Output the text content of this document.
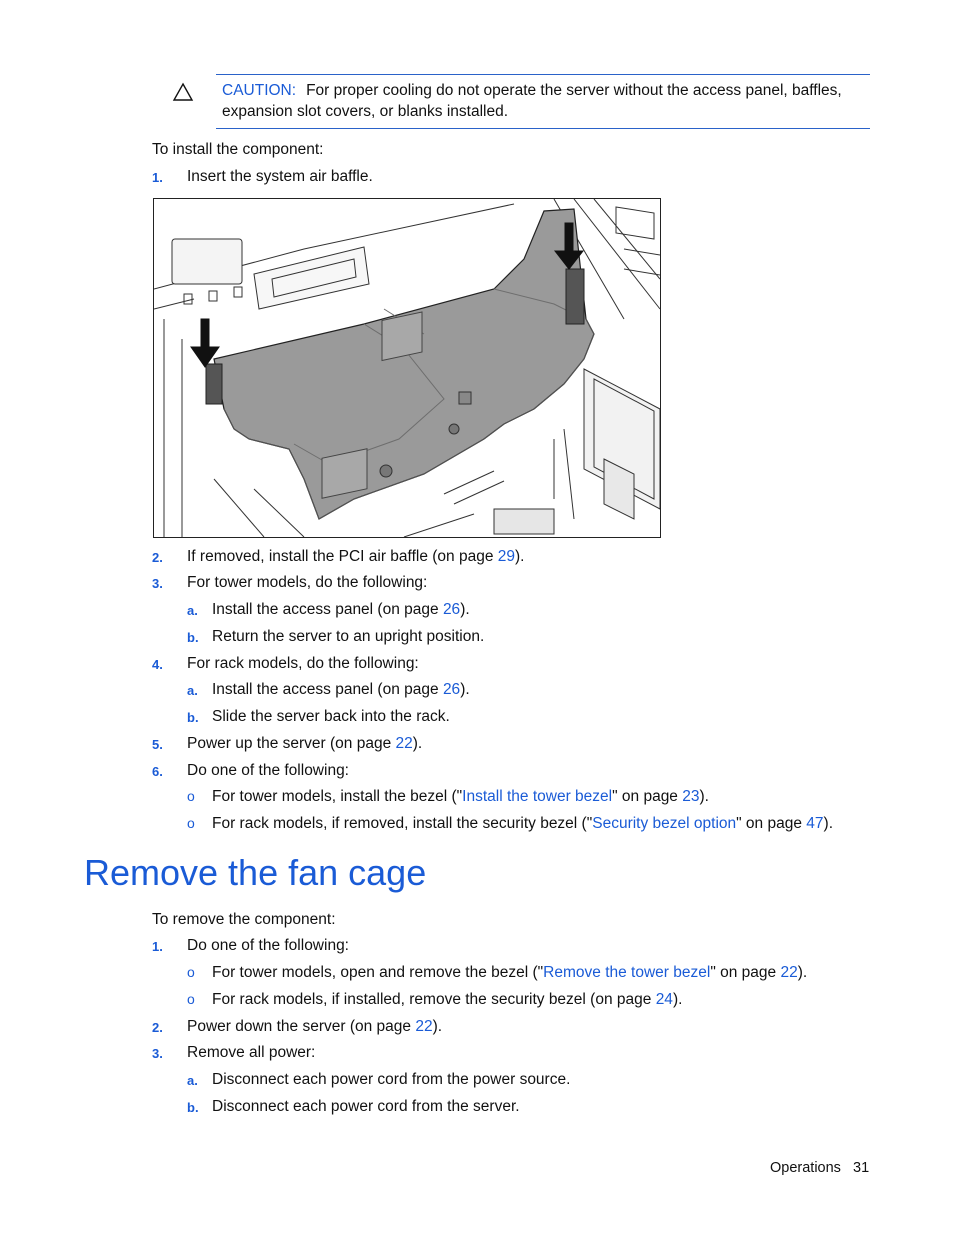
CAUTION: For proper cooling do not operate the server without the access panel, baffles, expansion slot covers, or blanks installed.
To install the component:
1. Insert the system air baffle.
2. If removed, install the PCI air baffle (on page 29).
3. For tower models, do the following:
a. Install the access panel (on page 26).
b. Return the server to an upright position.
4. For rack models, do the following:
a. Install the access panel (on page 26).
b. Slide the server back into the rack.
5. Power up the server (on page 22).
6. Do one of the following:
o For tower models, install the bezel ("Install the tower bezel" on page 23).
o For rack models, if removed, install the security bezel ("Security bezel option" on page 47).
Remove the fan cage
To remove the component:
1. Do one of the following:
o For tower models, open and remove the bezel ("Remove the tower bezel" on page 22).
o For rack models, if installed, remove the security bezel (on page 24).
2. Power down the server (on page 22).
3. Remove all power:
a. Disconnect each power cord from the power source.
b. Disconnect each power cord from the server.
Operations 31
